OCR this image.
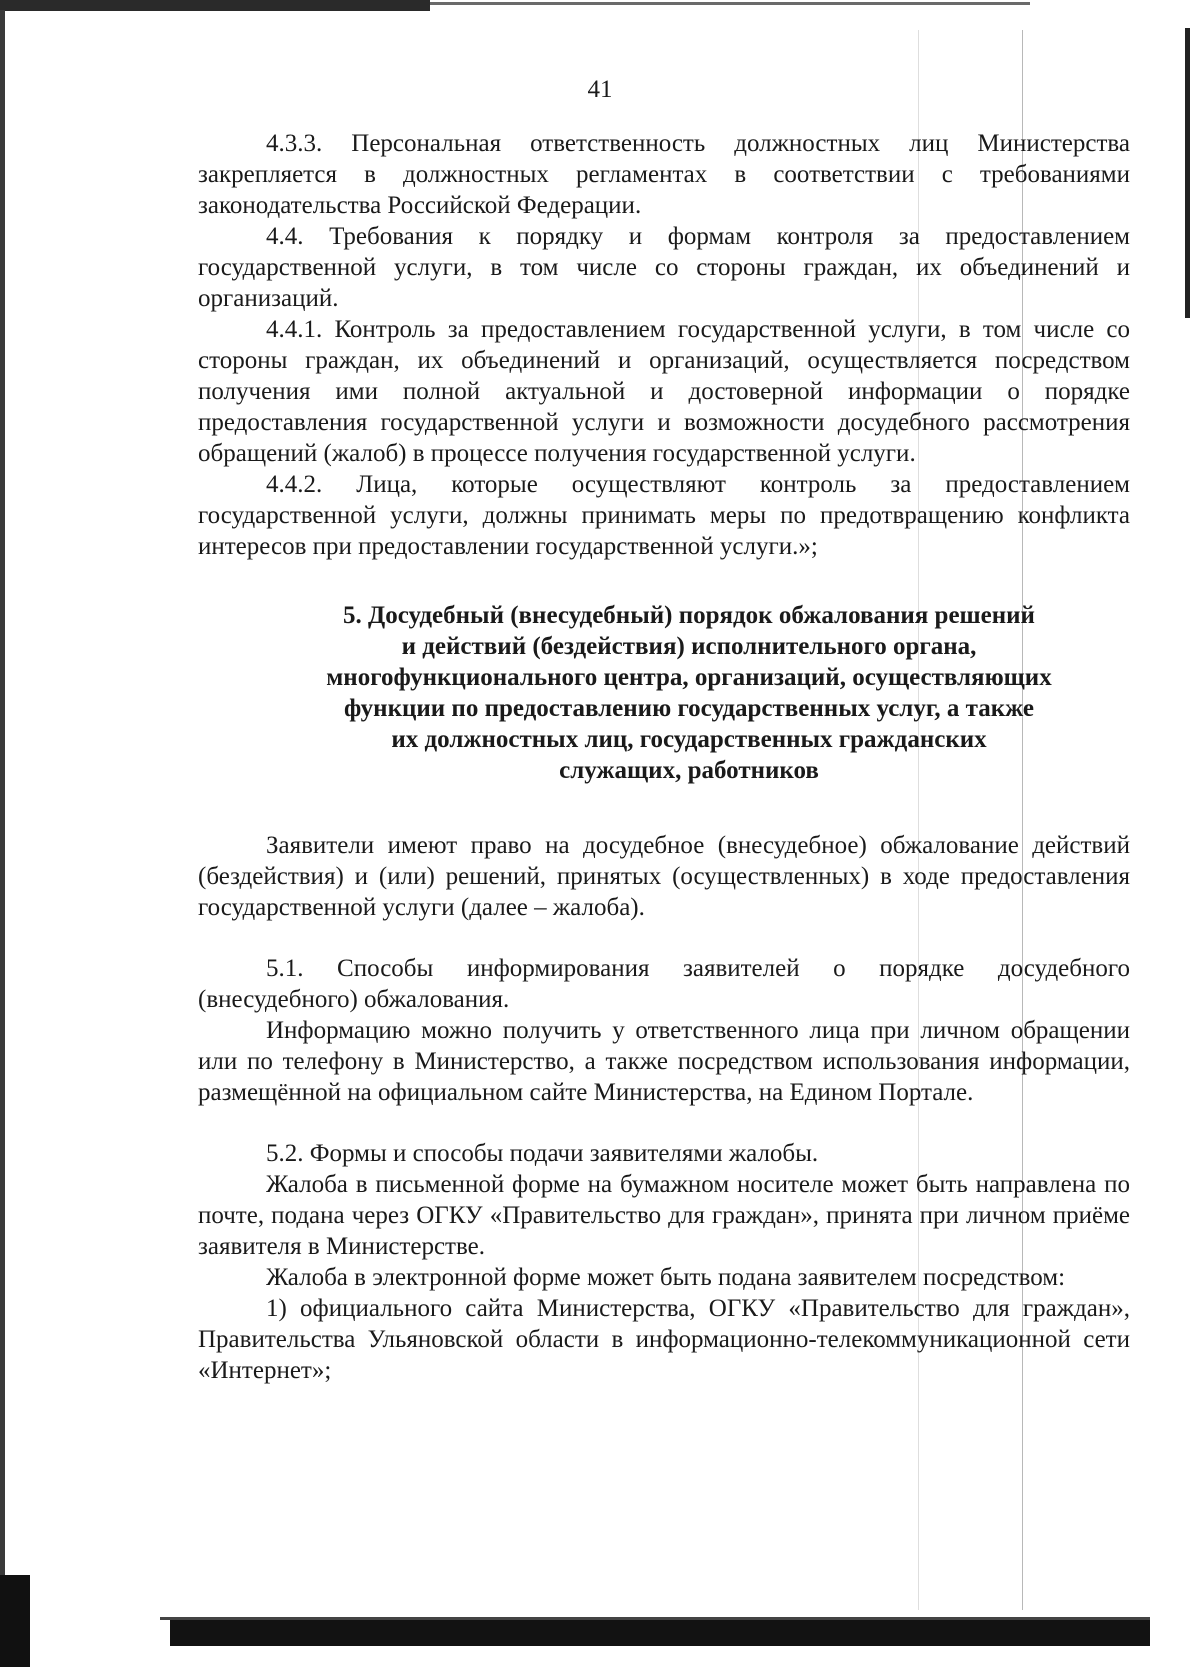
41

4.3.3. Персональная ответственность должностных лиц Министерства закрепляется в должностных регламентах в соответствии с требованиями законодательства Российской Федерации.

4.4. Требования к порядку и формам контроля за предоставлением государственной услуги, в том числе со стороны граждан, их объединений и организаций.

4.4.1. Контроль за предоставлением государственной услуги, в том числе со стороны граждан, их объединений и организаций, осуществляется посредством получения ими полной актуальной и достоверной информации о порядке предоставления государственной услуги и возможности досудебного рассмотрения обращений (жалоб) в процессе получения государственной услуги.

4.4.2. Лица, которые осуществляют контроль за предоставлением государственной услуги, должны принимать меры по предотвращению конфликта интересов при предоставлении государственной услуги.»;

5. Досудебный (внесудебный) порядок обжалования решений
и действий (бездействия) исполнительного органа,
многофункционального центра, организаций, осуществляющих
функции по предоставлению государственных услуг, а также
их должностных лиц, государственных гражданских
служащих, работников

Заявители имеют право на досудебное (внесудебное) обжалование действий (бездействия) и (или) решений, принятых (осуществленных) в ходе предоставления государственной услуги (далее – жалоба).

5.1. Способы информирования заявителей о порядке досудебного (внесудебного) обжалования.

Информацию можно получить у ответственного лица при личном обращении или по телефону в Министерство, а также посредством использования информации, размещённой на официальном сайте Министерства, на Едином Портале.

5.2. Формы и способы подачи заявителями жалобы.

Жалоба в письменной форме на бумажном носителе может быть направлена по почте, подана через ОГКУ «Правительство для граждан», принята при личном приёме заявителя в Министерстве.

Жалоба в электронной форме может быть подана заявителем посредством:

1) официального сайта Министерства, ОГКУ «Правительство для граждан», Правительства Ульяновской области в информационно-телекоммуникационной сети «Интернет»;
